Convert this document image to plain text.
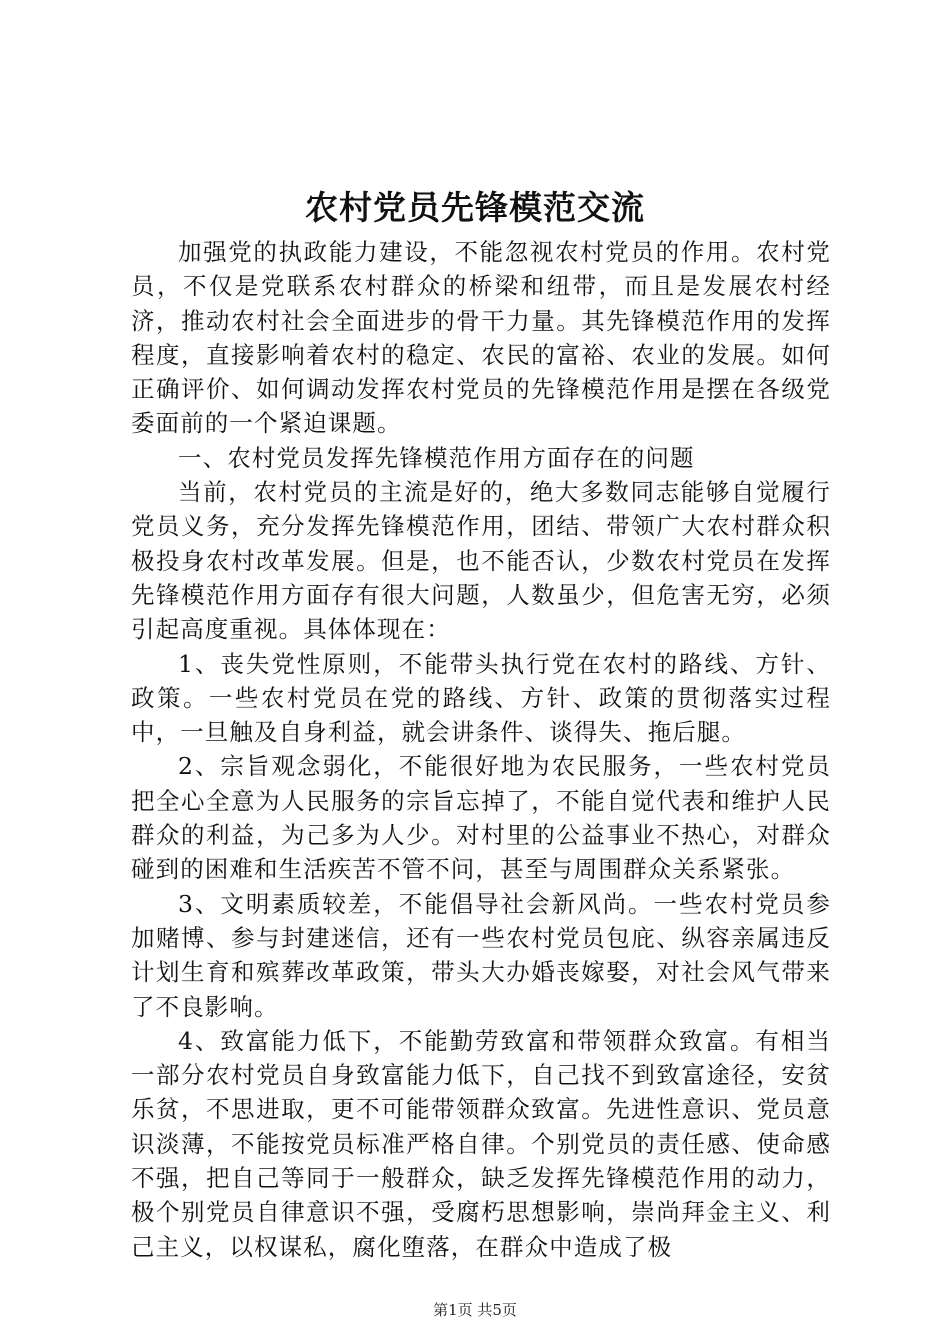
农村党员先锋模范交流

加强党的执政能力建设，不能忽视农村党员的作用。农村党员，不仅是党联系农村群众的桥梁和纽带，而且是发展农村经济，推动农村社会全面进步的骨干力量。其先锋模范作用的发挥程度，直接影响着农村的稳定、农民的富裕、农业的发展。如何正确评价、如何调动发挥农村党员的先锋模范作用是摆在各级党委面前的一个紧迫课题。

一、农村党员发挥先锋模范作用方面存在的问题

当前，农村党员的主流是好的，绝大多数同志能够自觉履行党员义务，充分发挥先锋模范作用，团结、带领广大农村群众积极投身农村改革发展。但是，也不能否认，少数农村党员在发挥先锋模范作用方面存有很大问题，人数虽少，但危害无穷，必须引起高度重视。具体体现在：

1、丧失党性原则，不能带头执行党在农村的路线、方针、政策。一些农村党员在党的路线、方针、政策的贯彻落实过程中，一旦触及自身利益，就会讲条件、谈得失、拖后腿。

2、宗旨观念弱化，不能很好地为农民服务，一些农村党员把全心全意为人民服务的宗旨忘掉了，不能自觉代表和维护人民群众的利益，为己多为人少。对村里的公益事业不热心，对群众碰到的困难和生活疾苦不管不问，甚至与周围群众关系紧张。

3、文明素质较差，不能倡导社会新风尚。一些农村党员参加赌博、参与封建迷信，还有一些农村党员包庇、纵容亲属违反计划生育和殡葬改革政策，带头大办婚丧嫁娶，对社会风气带来了不良影响。

4、致富能力低下，不能勤劳致富和带领群众致富。有相当一部分农村党员自身致富能力低下，自己找不到致富途径，安贫乐贫，不思进取，更不可能带领群众致富。先进性意识、党员意识淡薄，不能按党员标准严格自律。个别党员的责任感、使命感不强，把自己等同于一般群众，缺乏发挥先锋模范作用的动力，极个别党员自律意识不强，受腐朽思想影响，崇尚拜金主义、利己主义，以权谋私，腐化堕落，在群众中造成了极

第1页 共5页
